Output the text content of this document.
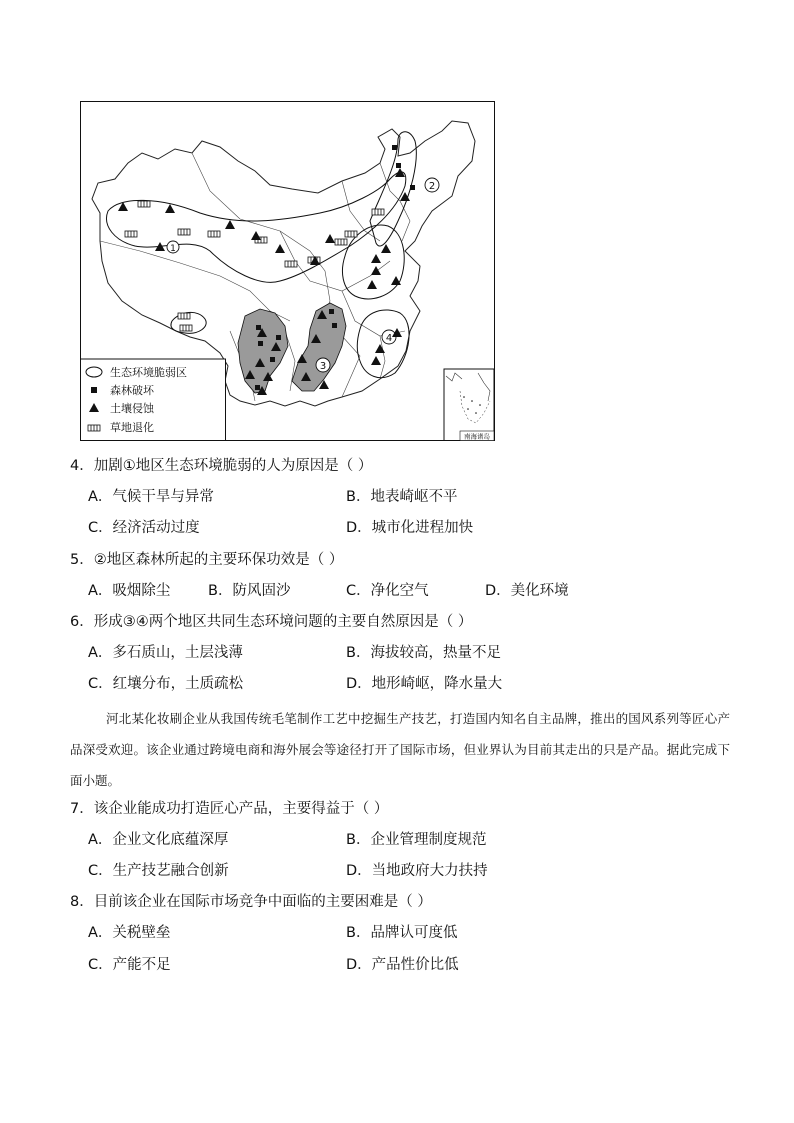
1
2
3
4
生态环境脆弱区
森林破坏
土壤侵蚀
草地退化
南海诸岛
4．加剧①地区生态环境脆弱的人为原因是（ ）
A．气候干旱与异常	B．地表崎岖不平
C．经济活动过度	D．城市化进程加快
5．②地区森林所起的主要环保功效是（ ）
A．吸烟除尘	B．防风固沙	C．净化空气	D．美化环境
6．形成③④两个地区共同生态环境问题的主要自然原因是（ ）
A．多石质山，土层浅薄	B．海拔较高，热量不足
C．红壤分布，土质疏松	D．地形崎岖，降水量大

河北某化妆刷企业从我国传统毛笔制作工艺中挖掘生产技艺，打造国内知名自主品牌，推出的国风系列等匠心产品深受欢迎。该企业通过跨境电商和海外展会等途径打开了国际市场，但业界认为目前其走出的只是产品。据此完成下面小题。

7．该企业能成功打造匠心产品，主要得益于（ ）
A．企业文化底蕴深厚	B．企业管理制度规范
C．生产技艺融合创新	D．当地政府大力扶持
8．目前该企业在国际市场竞争中面临的主要困难是（ ）
A．关税壁垒	B．品牌认可度低
C．产能不足	D．产品性价比低
